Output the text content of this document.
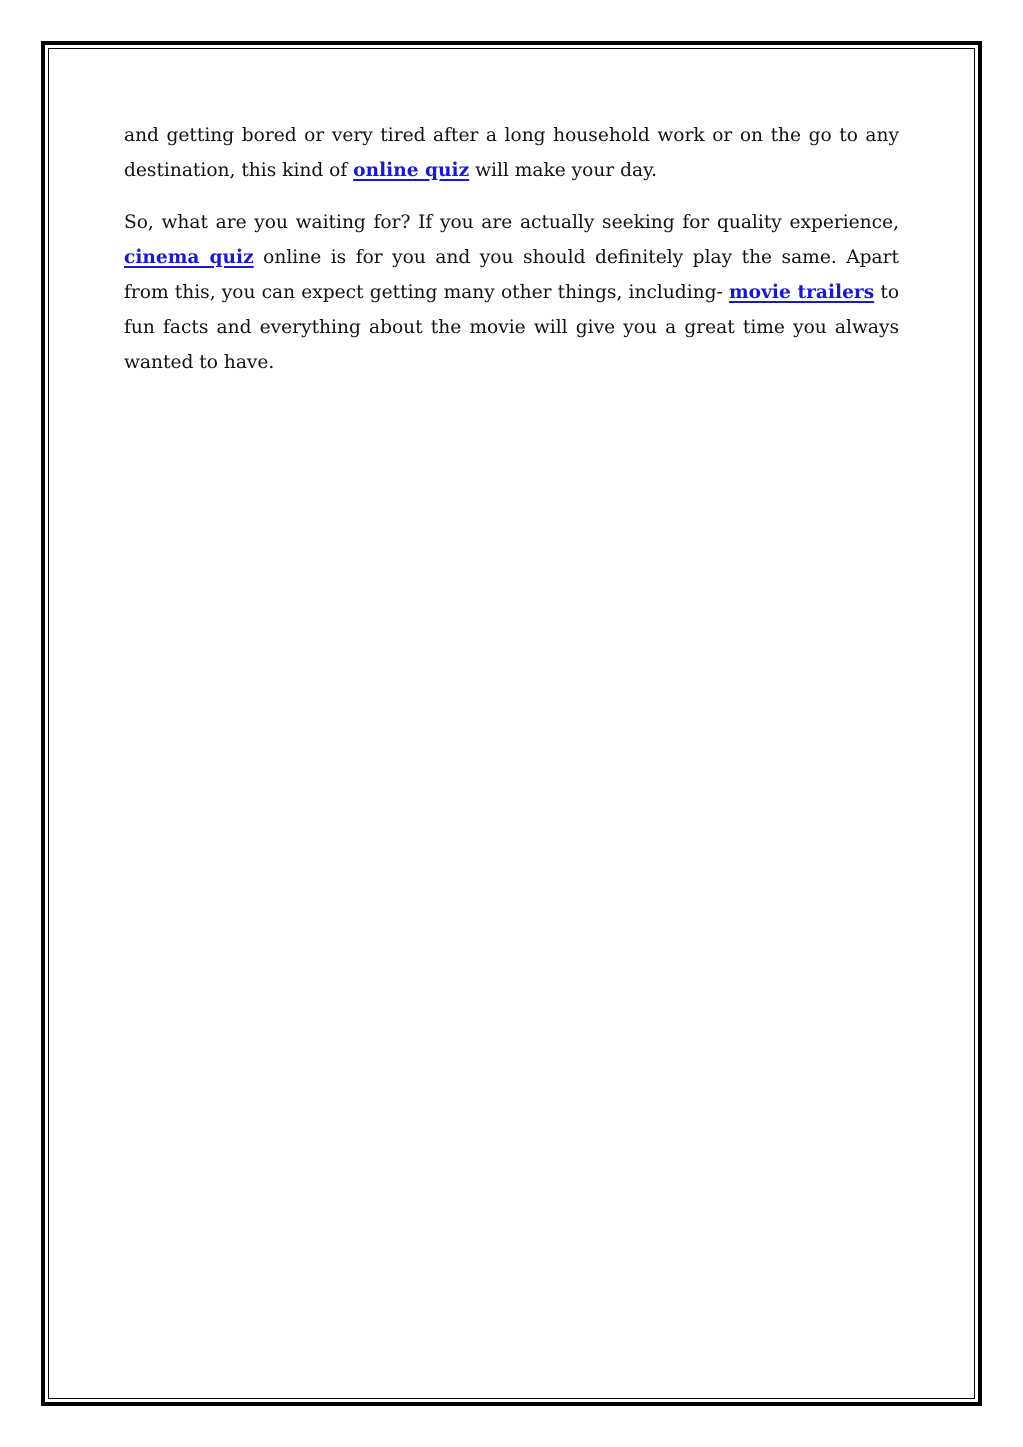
and getting bored or very tired after a long household work or on the go to any destination, this kind of online quiz will make your day.

So, what are you waiting for? If you are actually seeking for quality experience, cinema quiz online is for you and you should definitely play the same. Apart from this, you can expect getting many other things, including- movie trailers to fun facts and everything about the movie will give you a great time you always wanted to have.
